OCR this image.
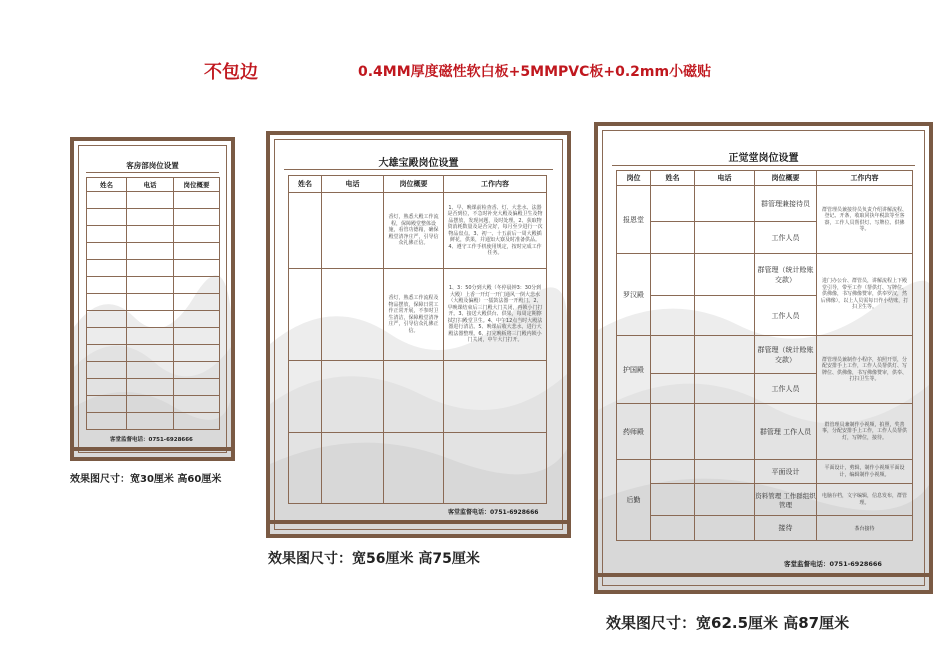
不包边	0.4MM厚度磁性软白板+5MMPVC板+0.2mm小磁贴
客房部岗位设置
姓名	电话	岗位概要

客堂监督电话：0751-6928666
效果图尺寸：宽30厘米 高60厘米
大雄宝殿岗位设置
姓名	电话	岗位概要	工作内容
		香灯，熟悉大殿工作流程，保障殿堂整体设施，看管功德箱，确保殿堂清净庄严，引导信众礼佛正信。	1、早、晚课前检查香、灯、大悲水、法器是否到位，不急时补充大殿及偏殿卫生及物品摆放，发现问题，及时处理。2、获取物资消耗数量及是否完好，每月至少进行一次物品盘点。3、初一、十五前后一周大殿插鲜花，供果，并通知大寮及时准备供品。4、遵守工作手机使用规定，按时完成工作任务。
		香灯，熟悉工作流程及物品摆放，保障日常工作正常开展，不参时卫生清洁，保障殿堂清净庄严，引导信众礼佛正信。	1、3：50分到大殿（冬停晨钟3：30分到大殿）上香一开灯一开门通风一倒大悲水（大殿及偏殿）一擂鼓法器一开殿门。2、早晚课结束后三门殿大门关闭，再锁小门打开。3、接送大殿供台、供果，每周定期擦拭打扫殿堂卫生。4、中午12点当时大殿法器进行清洁。5、晚课后收大悲水，进行大殿法器整理。6、打完晚板将三门殿内锁小门关闭，中午大门打开。

客堂监督电话：0751-6928666
效果图尺寸：宽56厘米 高75厘米
正觉堂岗位设置
岗位	姓名	电话	岗位概要	工作内容
报恩堂			群管理兼接待员	群管理员兼接待员负责介绍讲解流程、登记、开条，收取同执年税款等至客寮，工作人员帮供灯、写牌位、供佛等。
			工作人员	
罗汉殿			群管理（统计赊账交款）	进门办公台、群管员，讲解流程上下殿堂引导，带至工作（帮供灯、写牌位、供佛像，书写佛像赞审，供奉罗汉，然后佛像），以上人员需每日作小结账，打扫卫生等。
			工作人员	
护国殿			群管理（统计赊账交款）	群管理员兼制作小程序，拍照开票，分配安排手上工作，工作人员帮供灯、写牌位、供佛像，书写佛像赞审，供奉、打扫卫生等。
			工作人员	
药师殿			群管理 工作人员	群管理员兼制作小视频，拍照，奖善事，分配安排手上工作，工作人员帮供灯，写牌位，接待。
后勤			平面设计	平面设计，剪辑，制作小视频平面设计，编辑制作小视频。
			资料管理 工作群组织管理	电脑存档，文字编辑，信息发布，群管理。
			接待	茶台接待
客堂监督电话：0751-6928666
效果图尺寸：宽62.5厘米 高87厘米
